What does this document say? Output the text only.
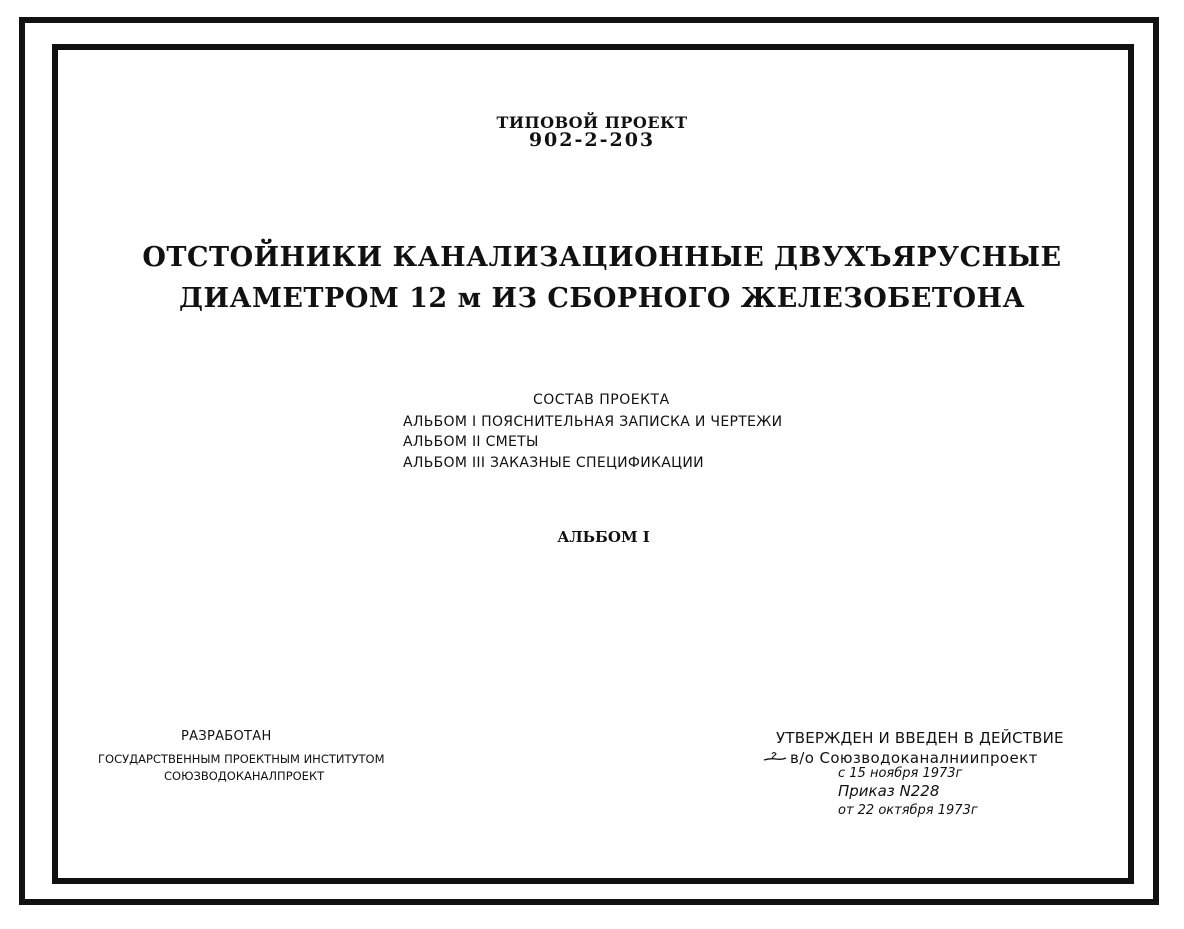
ТИПОВОЙ ПРОЕКТ
902-2-203
ОТСТОЙНИКИ КАНАЛИЗАЦИОННЫЕ ДВУХЪЯРУСНЫЕ
ДИАМЕТРОМ 12 м ИЗ СБОРНОГО ЖЕЛЕЗОБЕТОНА
СОСТАВ ПРОЕКТА
АЛЬБОМ I ПОЯСНИТЕЛЬНАЯ ЗАПИСКА И ЧЕРТЕЖИ
АЛЬБОМ II СМЕТЫ
АЛЬБОМ III ЗАКАЗНЫЕ СПЕЦИФИКАЦИИ
АЛЬБОМ I
РАЗРАБОТАН
ГОСУДАРСТВЕННЫМ ПРОЕКТНЫМ ИНСТИТУТОМ
СОЮЗВОДОКАНАЛПРОЕКТ
УТВЕРЖДЕН И ВВЕДЕН В ДЕЙСТВИЕ
в/о Союзводоканалниипроект
с 15 ноября 1973г
Приказ N228
от 22 октября 1973г
